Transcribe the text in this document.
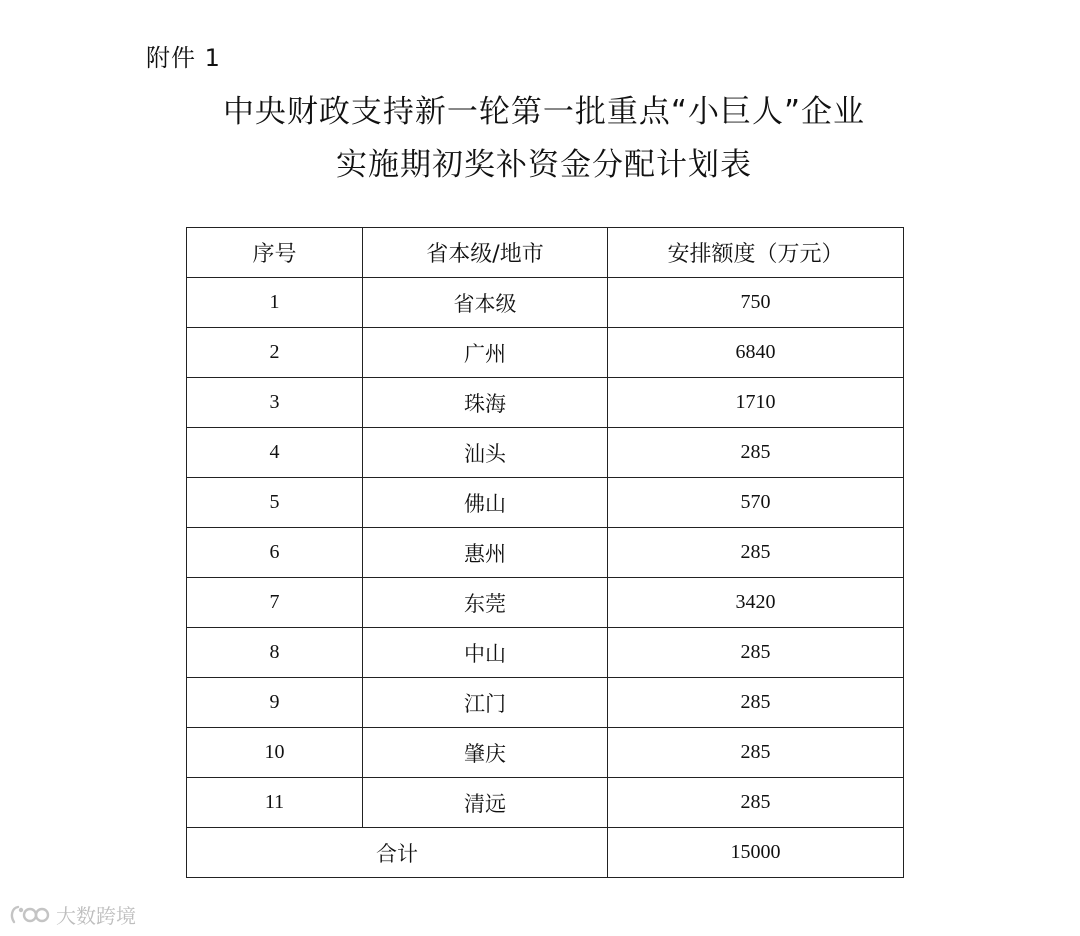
附件 1
中央财政支持新一轮第一批重点“小巨人”企业
实施期初奖补资金分配计划表
序号	省本级/地市	安排额度（万元）
1	省本级	750
2	广州	6840
3	珠海	1710
4	汕头	285
5	佛山	570
6	惠州	285
7	东莞	3420
8	中山	285
9	江门	285
10	肇庆	285
11	清远	285
合计		15000
大数跨境
